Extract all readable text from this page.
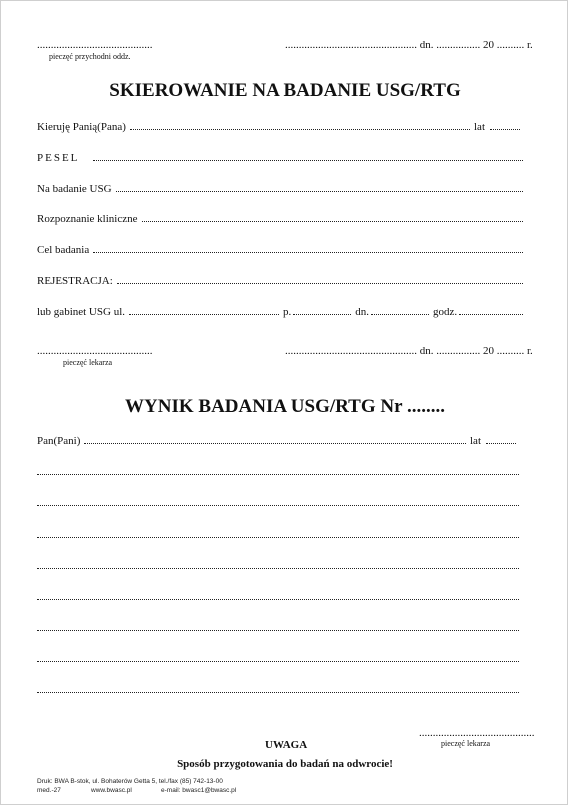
..........................................
pieczęć przychodni oddz.
................................................ dn. ................ 20 .......... r.
SKIEROWANIE NA BADANIE USG/RTG
Kieruję Panią(Pana)	lat
PESEL
Na badanie USG
Rozpoznanie kliniczne
Cel badania
REJESTRACJA:
lub gabinet USG ul.	p.	dn.	godz.
..........................................
pieczęć lekarza
................................................ dn. ................ 20 .......... r.
WYNIK BADANIA USG/RTG Nr ........
Pan(Pani)	lat
..........................................
pieczęć lekarza
UWAGA
Sposób przygotowania do badań na odwrocie!
Druk: BWA B-stok, ul. Bohaterów Getta 5, tel./fax (85) 742-13-00
med.-27	www.bwasc.pl	e-mail: bwasc1@bwasc.pl
